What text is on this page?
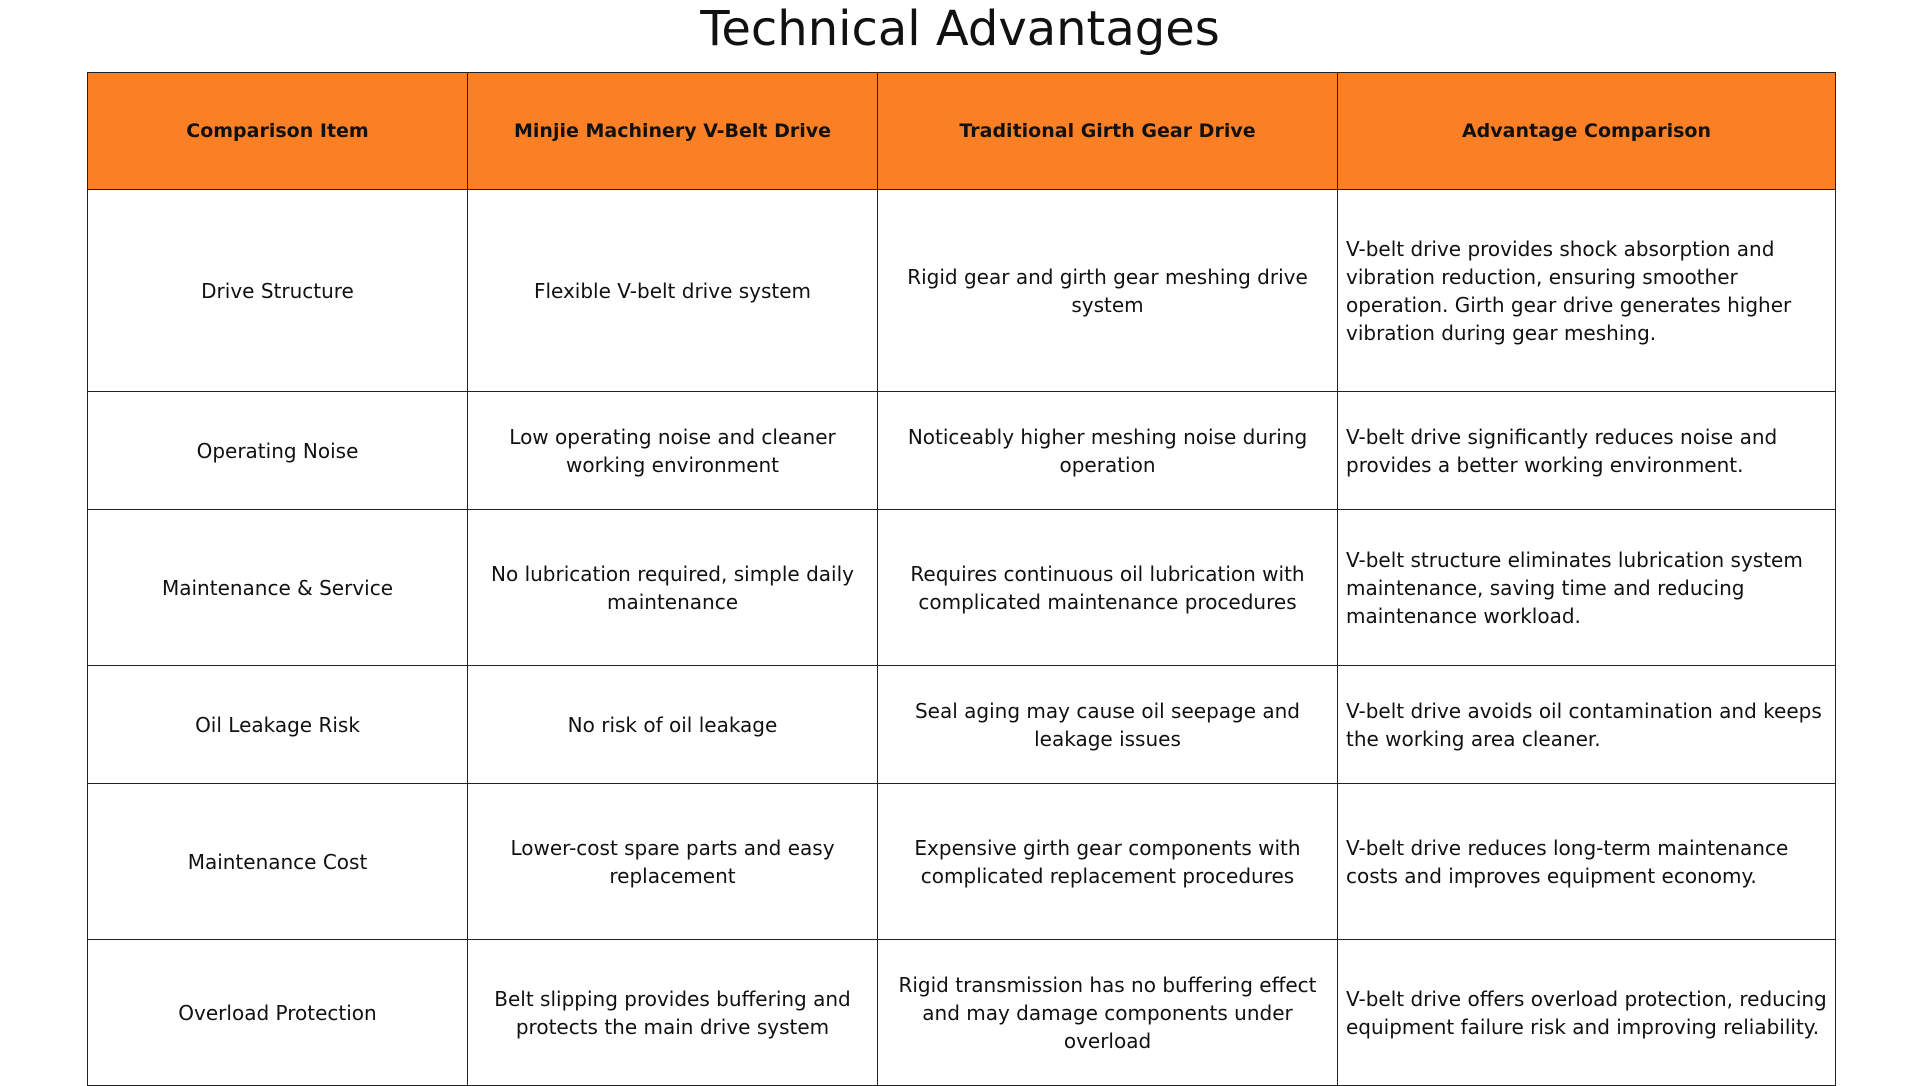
Technical Advantages
Comparison Item	Minjie Machinery V-Belt Drive	Traditional Girth Gear Drive	Advantage Comparison
Drive Structure	Flexible V-belt drive system	Rigid gear and girth gear meshing drive system	V-belt drive provides shock absorption and vibration reduction, ensuring smoother operation. Girth gear drive generates higher vibration during gear meshing.
Operating Noise	Low operating noise and cleaner working environment	Noticeably higher meshing noise during operation	V-belt drive significantly reduces noise and provides a better working environment.
Maintenance & Service	No lubrication required, simple daily maintenance	Requires continuous oil lubrication with complicated maintenance procedures	V-belt structure eliminates lubrication system maintenance, saving time and reducing maintenance workload.
Oil Leakage Risk	No risk of oil leakage	Seal aging may cause oil seepage and leakage issues	V-belt drive avoids oil contamination and keeps the working area cleaner.
Maintenance Cost	Lower-cost spare parts and easy replacement	Expensive girth gear components with complicated replacement procedures	V-belt drive reduces long-term maintenance costs and improves equipment economy.
Overload Protection	Belt slipping provides buffering and protects the main drive system	Rigid transmission has no buffering effect and may damage components under overload	V-belt drive offers overload protection, reducing equipment failure risk and improving reliability.
